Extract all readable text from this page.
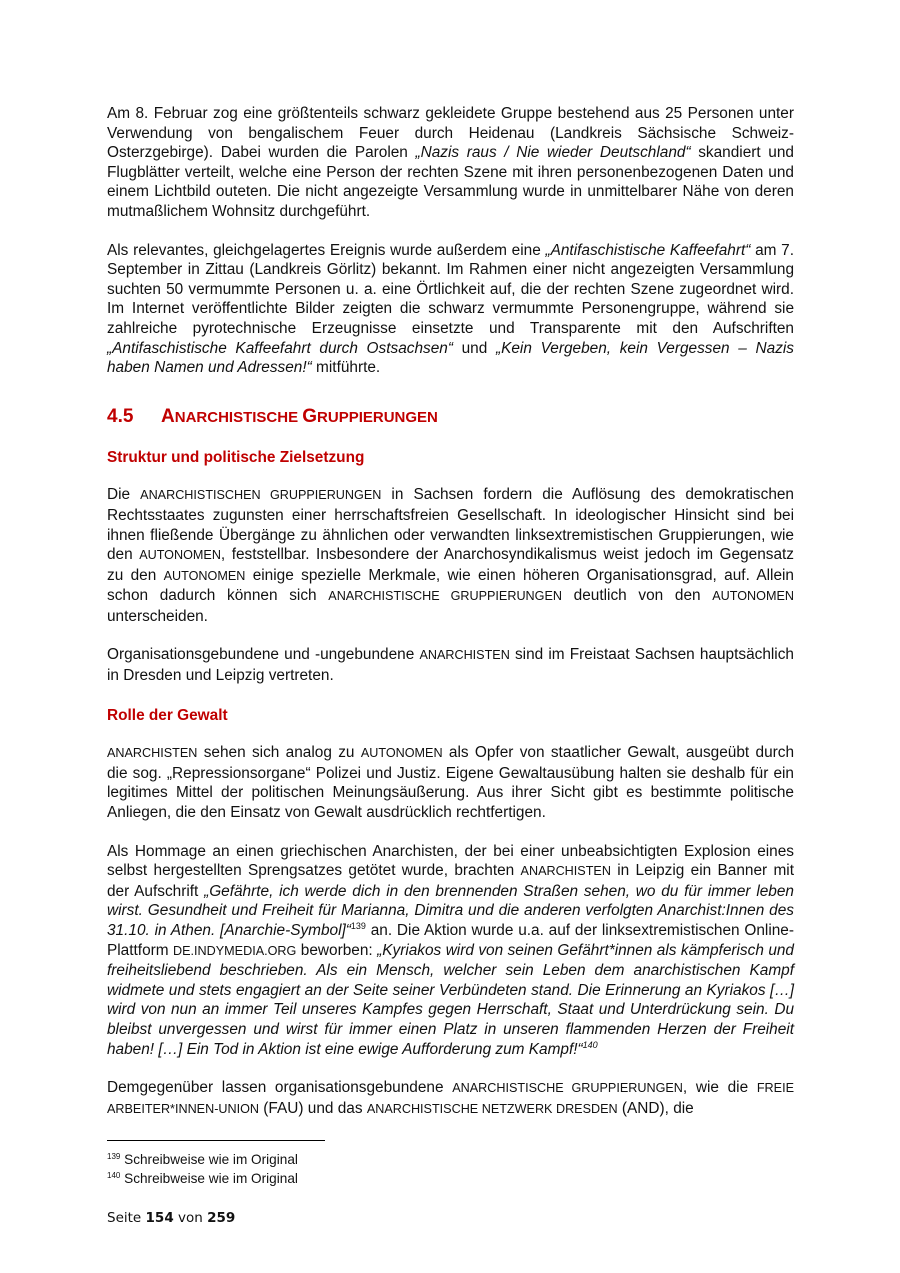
Am 8. Februar zog eine größtenteils schwarz gekleidete Gruppe bestehend aus 25 Personen unter Verwendung von bengalischem Feuer durch Heidenau (Landkreis Sächsische Schweiz-Osterzgebirge). Dabei wurden die Parolen „Nazis raus / Nie wieder Deutschland“ skandiert und Flugblätter verteilt, welche eine Person der rechten Szene mit ihren personenbezogenen Daten und einem Lichtbild outeten. Die nicht angezeigte Versammlung wurde in unmittelbarer Nähe von deren mutmaßlichem Wohnsitz durchgeführt.

Als relevantes, gleichgelagertes Ereignis wurde außerdem eine „Antifaschistische Kaffeefahrt“ am 7. September in Zittau (Landkreis Görlitz) bekannt. Im Rahmen einer nicht angezeigten Versammlung suchten 50 vermummte Personen u. a. eine Örtlichkeit auf, die der rechten Szene zugeordnet wird. Im Internet veröffentlichte Bilder zeigten die schwarz vermummte Personengruppe, während sie zahlreiche pyrotechnische Erzeugnisse einsetzte und Transparente mit den Aufschriften „Antifaschistische Kaffeefahrt durch Ostsachsen“ und „Kein Vergeben, kein Vergessen – Nazis haben Namen und Adressen!“ mitführte.

4.5	ANARCHISTISCHE GRUPPIERUNGEN
Struktur und politische Zielsetzung

Die ANARCHISTISCHEN GRUPPIERUNGEN in Sachsen fordern die Auflösung des demokratischen Rechtsstaates zugunsten einer herrschaftsfreien Gesellschaft. In ideologischer Hinsicht sind bei ihnen fließende Übergänge zu ähnlichen oder verwandten linksextremistischen Gruppierungen, wie den AUTONOMEN, feststellbar. Insbesondere der Anarchosyndikalismus weist jedoch im Gegensatz zu den AUTONOMEN einige spezielle Merkmale, wie einen höheren Organisationsgrad, auf. Allein schon dadurch können sich ANARCHISTISCHE GRUPPIERUNGEN deutlich von den AUTONOMEN unterscheiden.

Organisationsgebundene und -ungebundene ANARCHISTEN sind im Freistaat Sachsen hauptsächlich in Dresden und Leipzig vertreten.

Rolle der Gewalt

ANARCHISTEN sehen sich analog zu AUTONOMEN als Opfer von staatlicher Gewalt, ausgeübt durch die sog. „Repressionsorgane“ Polizei und Justiz. Eigene Gewaltausübung halten sie deshalb für ein legitimes Mittel der politischen Meinungsäußerung. Aus ihrer Sicht gibt es bestimmte politische Anliegen, die den Einsatz von Gewalt ausdrücklich rechtfertigen.

Als Hommage an einen griechischen Anarchisten, der bei einer unbeabsichtigten Explosion eines selbst hergestellten Sprengsatzes getötet wurde, brachten ANARCHISTEN in Leipzig ein Banner mit der Aufschrift „Gefährte, ich werde dich in den brennenden Straßen sehen, wo du für immer leben wirst. Gesundheit und Freiheit für Marianna, Dimitra und die anderen verfolgten Anarchist:Innen des 31.10. in Athen. [Anarchie-Symbol]“$^{139}$ an. Die Aktion wurde u.a. auf der linksextremistischen Online-Plattform DE.INDYMEDIA.ORG beworben: „Kyriakos wird von seinen Gefährt*innen als kämpferisch und freiheitsliebend beschrieben. Als ein Mensch, welcher sein Leben dem anarchistischen Kampf widmete und stets engagiert an der Seite seiner Verbündeten stand. Die Erinnerung an Kyriakos […] wird von nun an immer Teil unseres Kampfes gegen Herrschaft, Staat und Unterdrückung sein. Du bleibst unvergessen und wirst für immer einen Platz in unseren flammenden Herzen der Freiheit haben! […] Ein Tod in Aktion ist eine ewige Aufforderung zum Kampf!“$^{140}$

Demgegenüber lassen organisationsgebundene ANARCHISTISCHE GRUPPIERUNGEN, wie die FREIE ARBEITER*INNEN-UNION (FAU) und das ANARCHISTISCHE NETZWERK DRESDEN (AND), die

$^{139}$ Schreibweise wie im Original
$^{140}$ Schreibweise wie im Original
Seite 154 von 259
